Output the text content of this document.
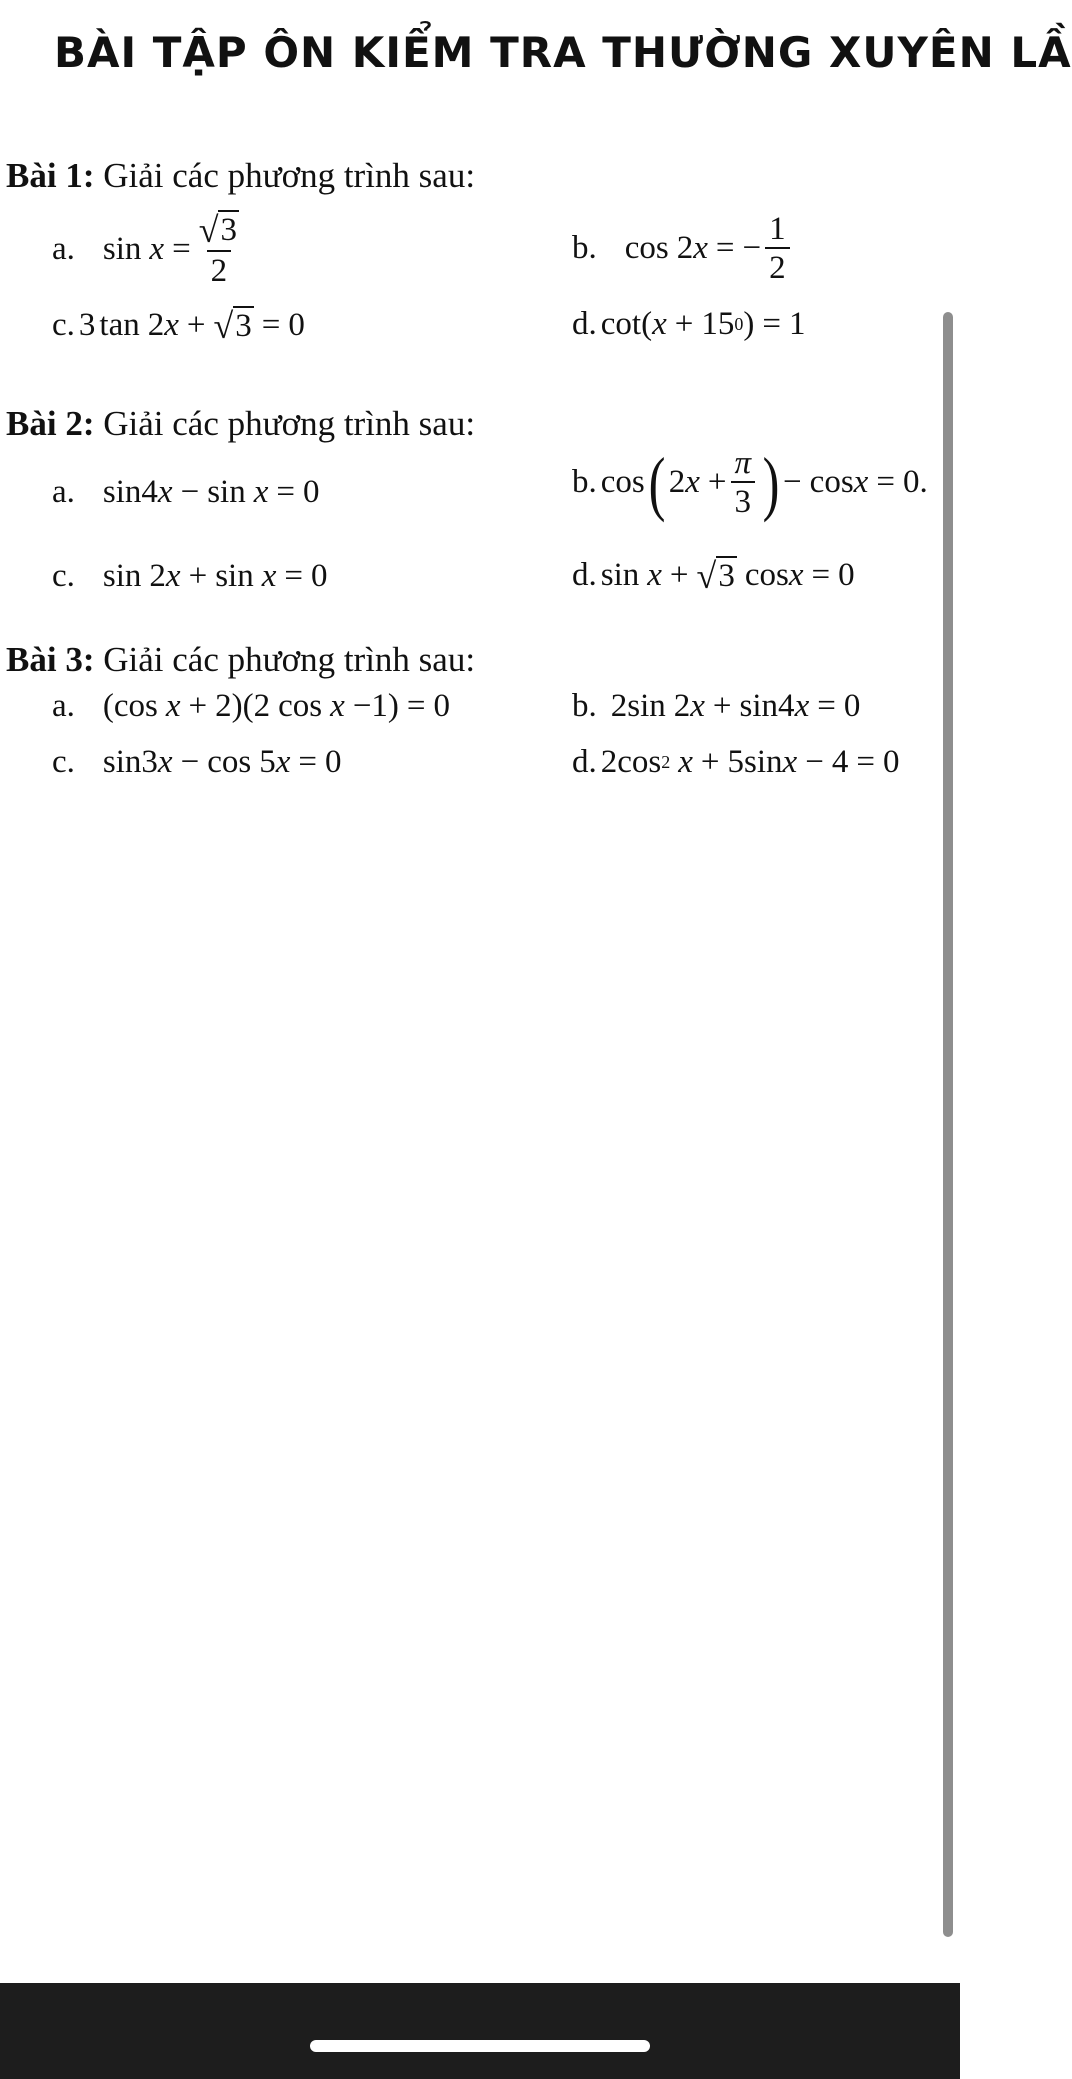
BÀI TẬP ÔN KIỂM TRA THƯỜNG XUYÊN LẦ
Bài 1: Giải các phương trình sau:
a. $\sin x = \frac{√ 3}{2}$	b. cos 2 x = − $\frac{1}{2}$
c. 3 tan 2 x + √ 3 = 0	d. cot( x + 15 0 ) = 1
Bài 2: Giải các phương trình sau:
a. sin4 x − sin x = 0	b. cos ( 2 $x + \frac{\pi}{3}$ ) − cos x = 0.
c. sin 2 x + sin x = 0	d. sin x + √ 3 cos x = 0
Bài 3: Giải các phương trình sau:
a. (cos x + 2)(2 cos x −1) = 0	b. 2sin 2 x + sin4 x = 0
c. sin3 x − cos 5 x = 0	d. 2cos 2 x + 5sin x − 4 = 0
